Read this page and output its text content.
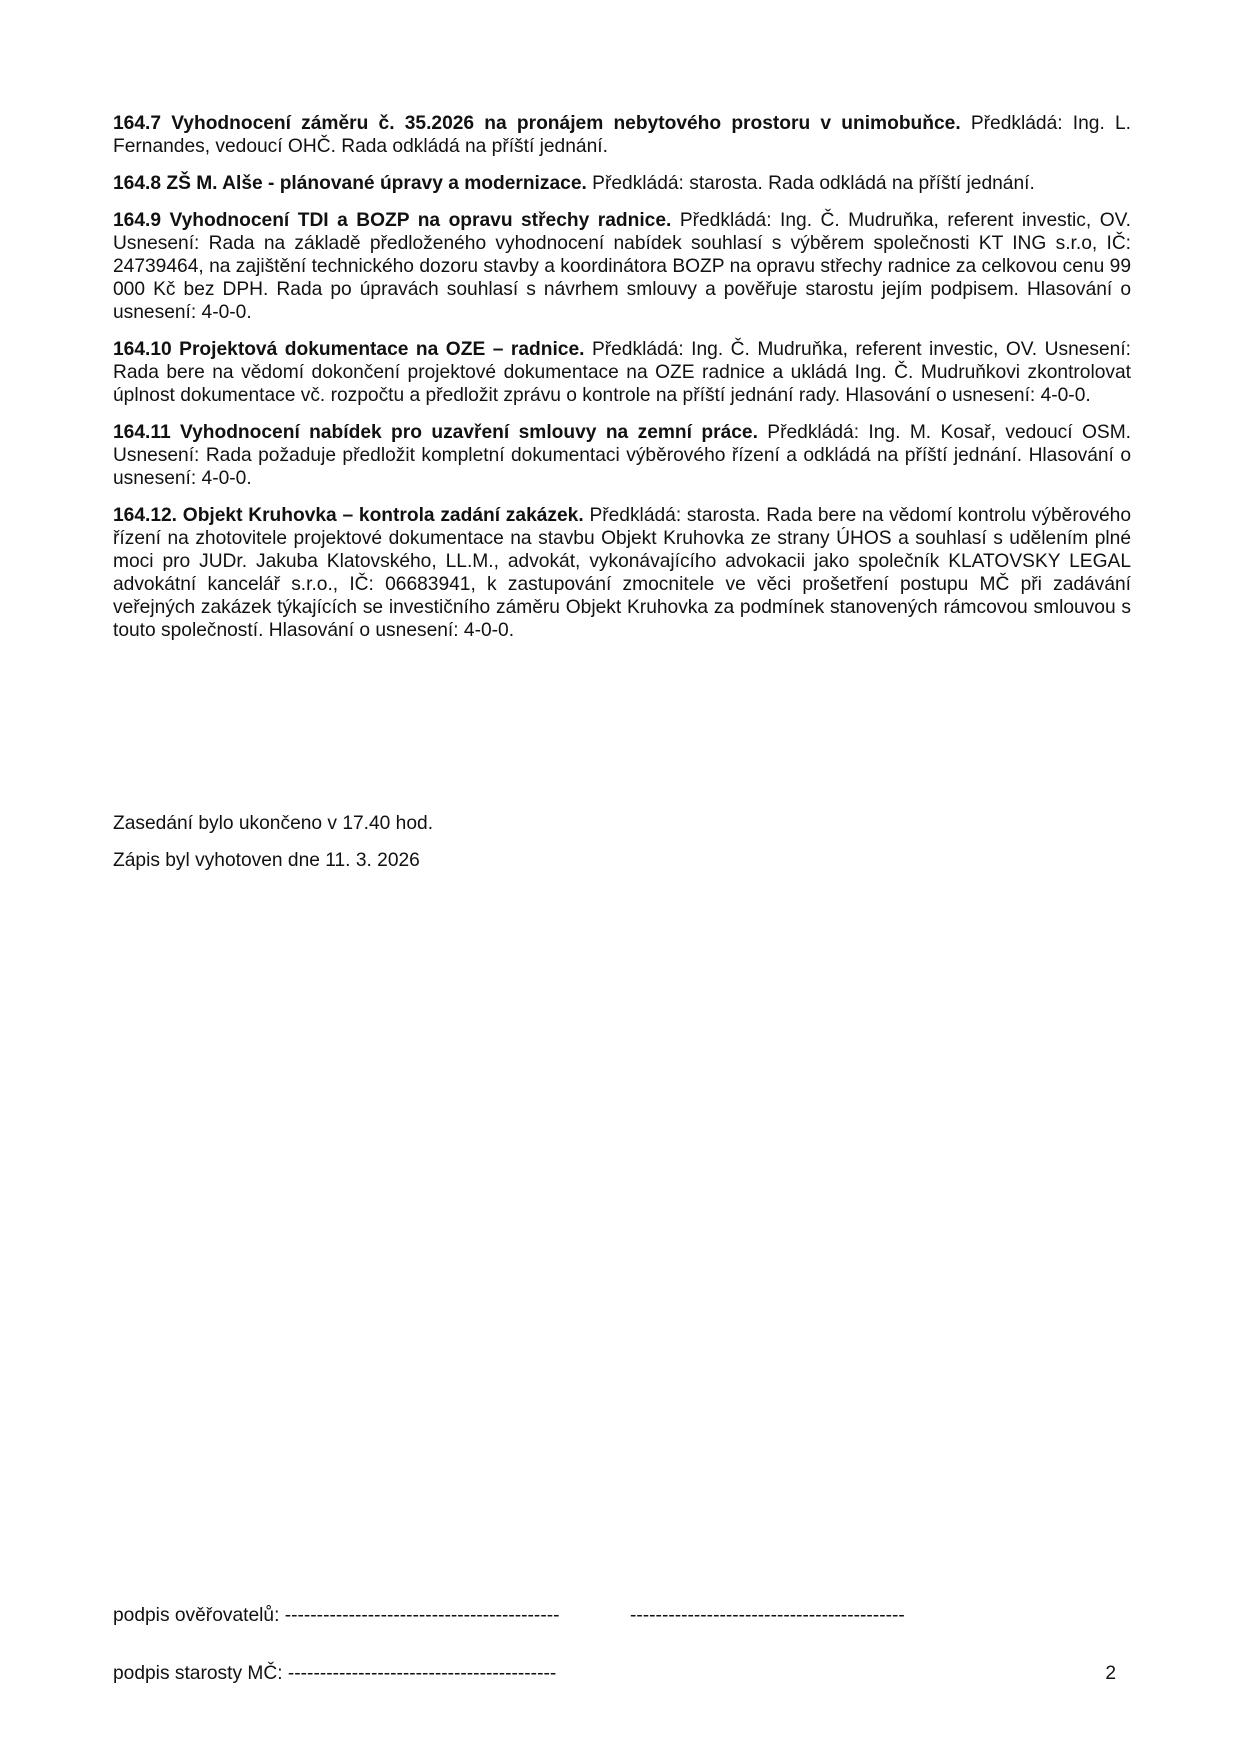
164.7 Vyhodnocení záměru č. 35.2026 na pronájem nebytového prostoru v unimobuňce. Předkládá: Ing. L. Fernandes, vedoucí OHČ. Rada odkládá na příští jednání.

164.8 ZŠ M. Alše - plánované úpravy a modernizace. Předkládá: starosta. Rada odkládá na příští jednání.

164.9 Vyhodnocení TDI a BOZP na opravu střechy radnice. Předkládá: Ing. Č. Mudruňka, referent investic, OV. Usnesení: Rada na základě předloženého vyhodnocení nabídek souhlasí s výběrem společnosti KT ING s.r.o, IČ: 24739464, na zajištění technického dozoru stavby a koordinátora BOZP na opravu střechy radnice za celkovou cenu 99 000 Kč bez DPH. Rada po úpravách souhlasí s návrhem smlouvy a pověřuje starostu jejím podpisem. Hlasování o usnesení: 4-0-0.

164.10 Projektová dokumentace na OZE – radnice. Předkládá: Ing. Č. Mudruňka, referent investic, OV. Usnesení: Rada bere na vědomí dokončení projektové dokumentace na OZE radnice a ukládá Ing. Č. Mudruňkovi zkontrolovat úplnost dokumentace vč. rozpočtu a předložit zprávu o kontrole na příští jednání rady. Hlasování o usnesení: 4-0-0.

164.11 Vyhodnocení nabídek pro uzavření smlouvy na zemní práce. Předkládá: Ing. M. Kosař, vedoucí OSM. Usnesení: Rada požaduje předložit kompletní dokumentaci výběrového řízení a odkládá na příští jednání. Hlasování o usnesení: 4-0-0.

164.12. Objekt Kruhovka – kontrola zadání zakázek. Předkládá: starosta. Rada bere na vědomí kontrolu výběrového řízení na zhotovitele projektové dokumentace na stavbu Objekt Kruhovka ze strany ÚHOS a souhlasí s udělením plné moci pro JUDr. Jakuba Klatovského, LL.M., advokát, vykonávajícího advokacii jako společník KLATOVSKY LEGAL advokátní kancelář s.r.o., IČ: 06683941, k zastupování zmocnitele ve věci prošetření postupu MČ při zadávání veřejných zakázek týkajících se investičního záměru Objekt Kruhovka za podmínek stanovených rámcovou smlouvou s touto společností. Hlasování o usnesení: 4-0-0.

Zasedání bylo ukončeno v 17.40 hod.

Zápis byl vyhotoven dne 11. 3. 2026

podpis ověřovatelů: -------------------------------------------	-------------------------------------------
podpis starosty MČ: ------------------------------------------	2
